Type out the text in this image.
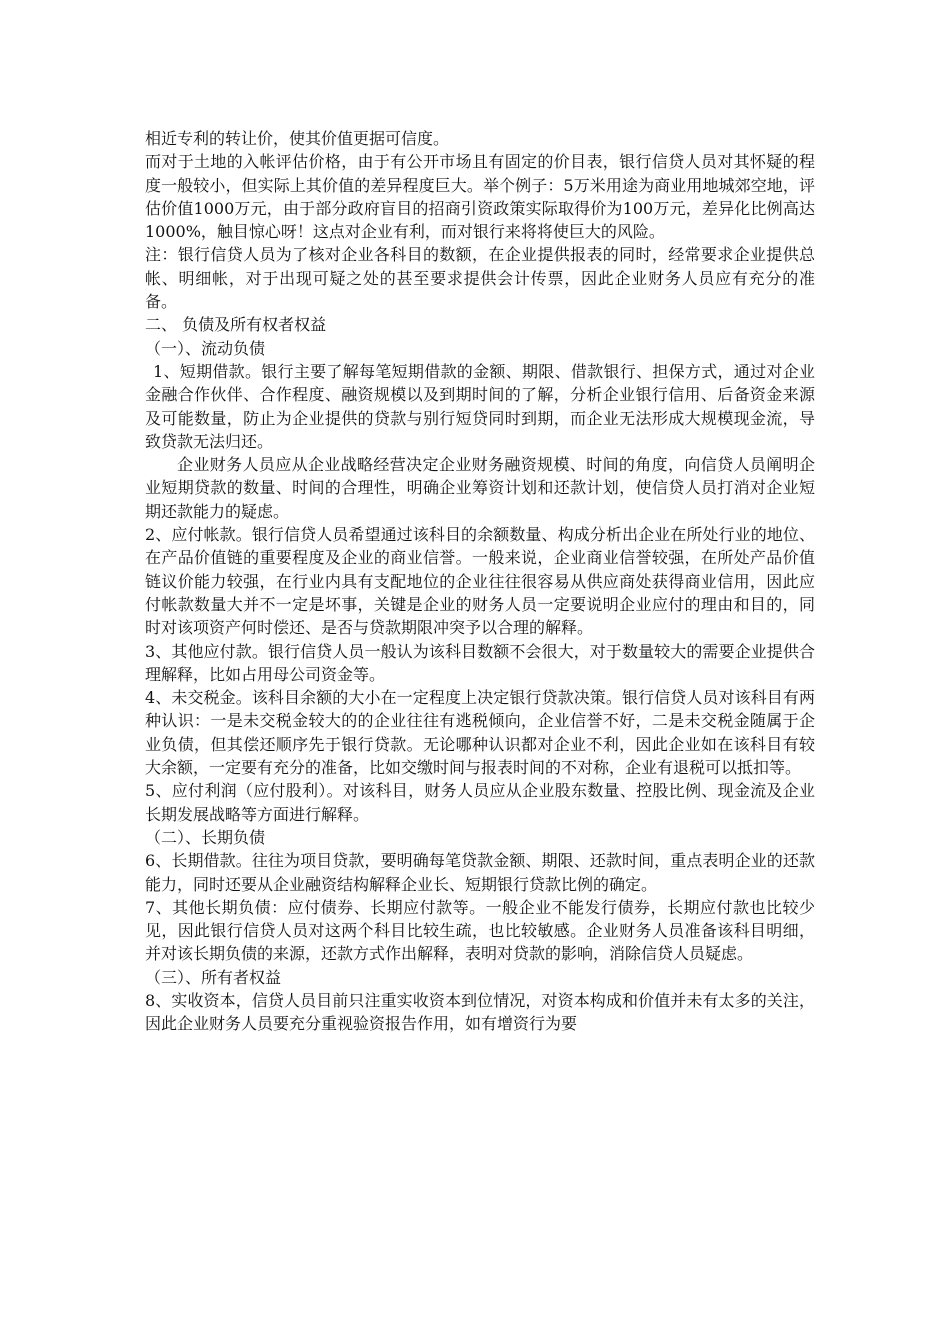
相近专利的转让价，使其价值更据可信度。

而对于土地的入帐评估价格，由于有公开市场且有固定的价目表，银行信贷人员对其怀疑的程度一般较小，但实际上其价值的差异程度巨大。举个例子：5万米用途为商业用地城郊空地，评估价值1000万元，由于部分政府盲目的招商引资政策实际取得价为100万元，差异化比例高达1000%，触目惊心呀！这点对企业有利，而对银行来将将使巨大的风险。

注：银行信贷人员为了核对企业各科目的数额，在企业提供报表的同时，经常要求企业提供总帐、明细帐，对于出现可疑之处的甚至要求提供会计传票，因此企业财务人员应有充分的准备。

二、 负债及所有权者权益

（一）、流动负债

1、短期借款。银行主要了解每笔短期借款的金额、期限、借款银行、担保方式，通过对企业金融合作伙伴、合作程度、融资规模以及到期时间的了解，分析企业银行信用、后备资金来源及可能数量，防止为企业提供的贷款与别行短贷同时到期，而企业无法形成大规模现金流，导致贷款无法归还。

企业财务人员应从企业战略经营决定企业财务融资规模、时间的角度，向信贷人员阐明企业短期贷款的数量、时间的合理性，明确企业筹资计划和还款计划，使信贷人员打消对企业短期还款能力的疑虑。

2、应付帐款。银行信贷人员希望通过该科目的余额数量、构成分析出企业在所处行业的地位、在产品价值链的重要程度及企业的商业信誉。一般来说，企业商业信誉较强，在所处产品价值链议价能力较强，在行业内具有支配地位的企业往往很容易从供应商处获得商业信用，因此应付帐款数量大并不一定是坏事，关键是企业的财务人员一定要说明企业应付的理由和目的，同时对该项资产何时偿还、是否与贷款期限冲突予以合理的解释。

3、其他应付款。银行信贷人员一般认为该科目数额不会很大，对于数量较大的需要企业提供合理解释，比如占用母公司资金等。

4、未交税金。该科目余额的大小在一定程度上决定银行贷款决策。银行信贷人员对该科目有两种认识：一是未交税金较大的的企业往往有逃税倾向，企业信誉不好，二是未交税金随属于企业负债，但其偿还顺序先于银行贷款。无论哪种认识都对企业不利，因此企业如在该科目有较大余额，一定要有充分的准备，比如交缴时间与报表时间的不对称，企业有退税可以抵扣等。

5、应付利润（应付股利）。对该科目，财务人员应从企业股东数量、控股比例、现金流及企业长期发展战略等方面进行解释。

（二）、长期负债

6、长期借款。往往为项目贷款，要明确每笔贷款金额、期限、还款时间，重点表明企业的还款能力，同时还要从企业融资结构解释企业长、短期银行贷款比例的确定。

7、其他长期负债：应付债券、长期应付款等。一般企业不能发行债券，长期应付款也比较少见，因此银行信贷人员对这两个科目比较生疏，也比较敏感。企业财务人员准备该科目明细，并对该长期负债的来源，还款方式作出解释，表明对贷款的影响，消除信贷人员疑虑。

（三）、所有者权益

8、实收资本，信贷人员目前只注重实收资本到位情况，对资本构成和价值并未有太多的关注，因此企业财务人员要充分重视验资报告作用，如有增资行为要
